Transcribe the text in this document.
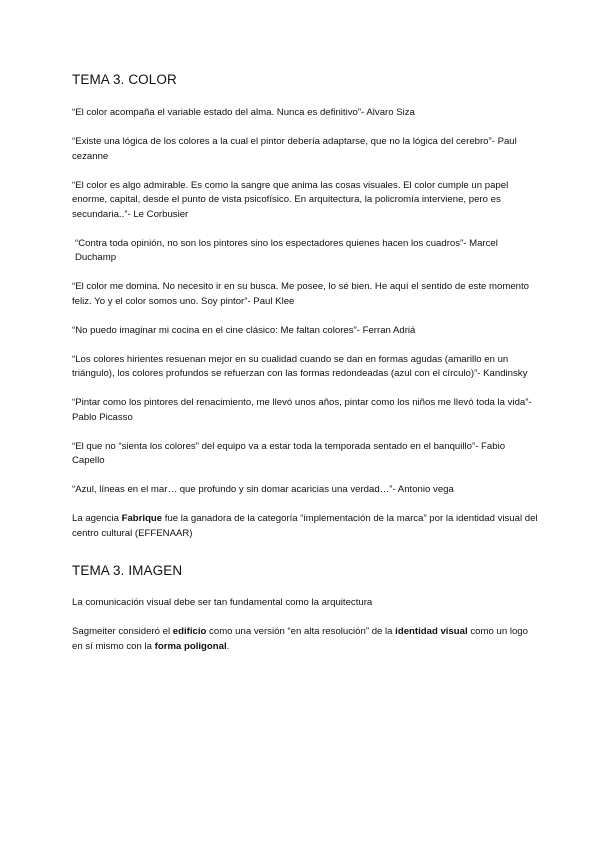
TEMA 3. COLOR

“El color acompaña el variable estado del alma. Nunca es definitivo”- Alvaro Siza

“Existe una lógica de los colores a la cual el pintor debería adaptarse, que no la lógica del cerebro”- Paul cezanne

“El color es algo admirable. Es como la sangre que anima las cosas visuales. El color cumple un papel enorme, capital, desde el punto de vista psicofísico. En arquitectura, la policromía interviene, pero es secundaria..”- Le Corbusier

“Contra toda opinión, no son los pintores sino los espectadores quienes hacen los cuadros”- Marcel Duchamp

“El color me domina. No necesito ir en su busca. Me posee, lo sé bien. He aquí el sentido de este momento feliz. Yo y el color somos uno. Soy pintor”- Paul Klee

“No puedo imaginar mi cocina en el cine clásico: Me faltan colores”- Ferran Adriá

“Los colores hirientes resuenan mejor en su cualidad cuando se dan en formas agudas (amarillo en un triángulo), los colores profundos se refuerzan con las formas redondeadas (azul con el círculo)”- Kandinsky

“Pintar como los pintores del renacimiento, me llevó unos años, pintar como los niños me llevó toda la vida”- Pablo Picasso

“El que no “sienta los colores” del equipo va a estar toda la temporada sentado en el banquillo”- Fabio Capello

“Azul, líneas en el mar… que profundo y sin domar acaricias una verdad…”- Antonio vega

La agencia Fabrique fue la ganadora de la categoría “implementación de la marca” por la identidad visual del centro cultural (EFFENAAR)

TEMA 3. IMAGEN

La comunicación visual debe ser tan fundamental como la arquitectura

Sagmeiter consideró el edificio como una versión “en alta resolución” de la identidad visual como un logo en sí mismo con la forma poligonal.
